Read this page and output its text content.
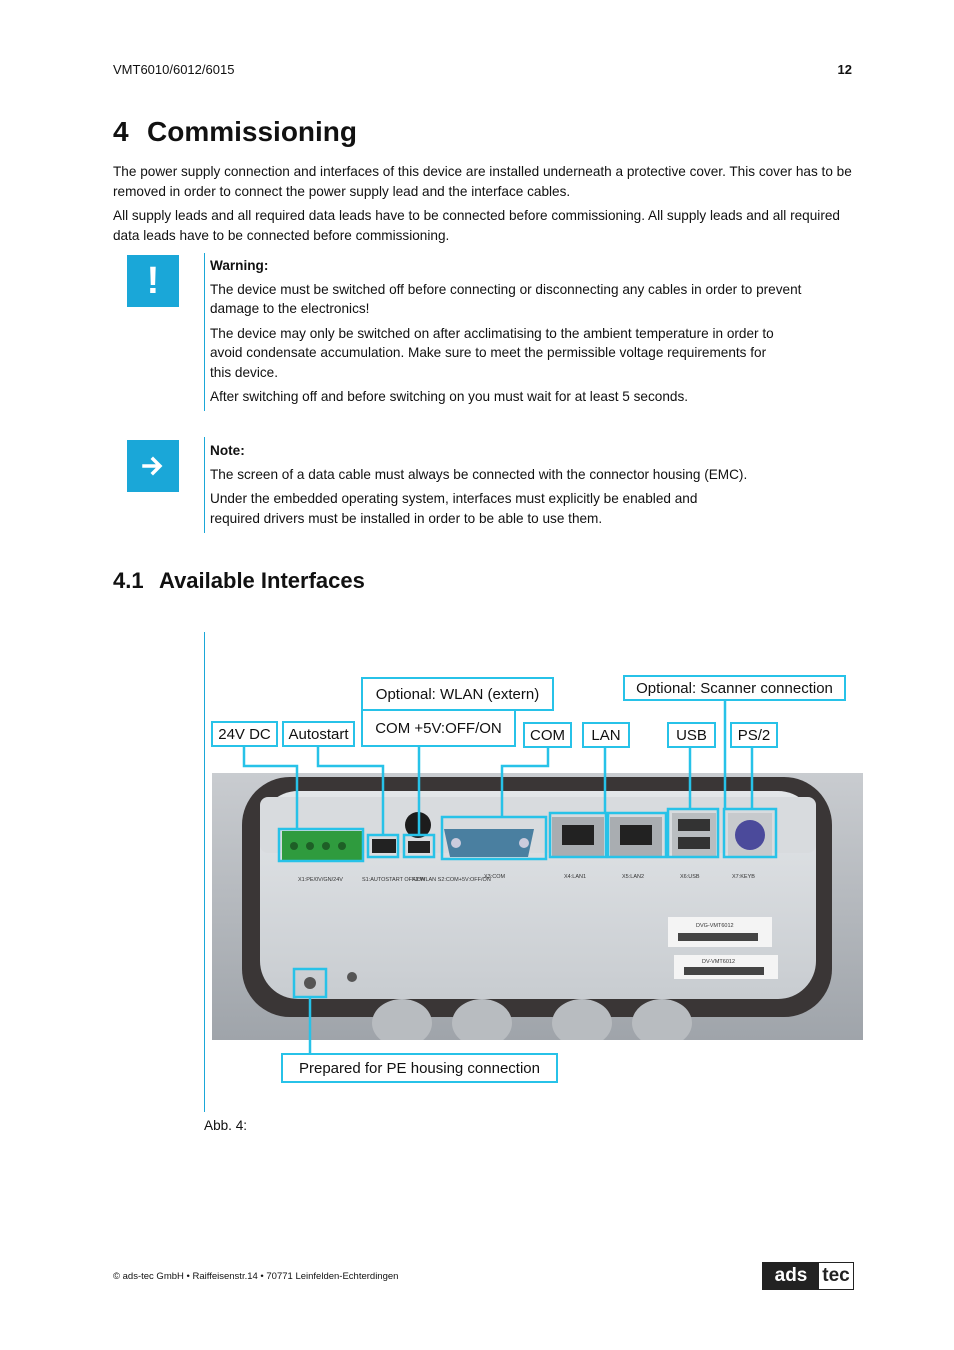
VMT6010/6012/6015	12
4 Commissioning

The power supply connection and interfaces of this device are installed underneath a protective cover. This cover has to be removed in order to connect the power supply lead and the interface cables.

All supply leads and all required data leads have to be connected before commissioning. All supply leads and all required data leads have to be connected before commissioning.

!	Warning:

The device must be switched off before connecting or disconnecting any cables in order to prevent damage to the electronics!

The device may only be switched on after acclimatising to the ambient temperature in order to avoid condensate accumulation. Make sure to meet the permissible voltage requirements for this device.

After switching off and before switching on you must wait for at least 5 seconds.

Note:

The screen of a data cable must always be connected with the connector housing (EMC).

Under the embedded operating system, interfaces must explicitly be enabled and required drivers must be installed in order to be able to use them.

4.1 Available Interfaces
X1:PE/0V/GN/24V	S1:AUTOSTART OFF/ON
X2:WLAN S2:COM+5V:OFF/ON
X3:COM	X4:LAN1	X5:LAN2	X6:USB	X7:KEYB
DVG-VMT6012
DV-VMT6012
24V DC	Autostart
Optional: WLAN (extern)
COM +5V:OFF/ON	COM	LAN	USB	PS/2
Optional: Scanner connection
Prepared for PE housing connection
Abb. 4:
© ads-tec GmbH • Raiffeisenstr.14 • 70771 Leinfelden-Echterdingen	ads tec
